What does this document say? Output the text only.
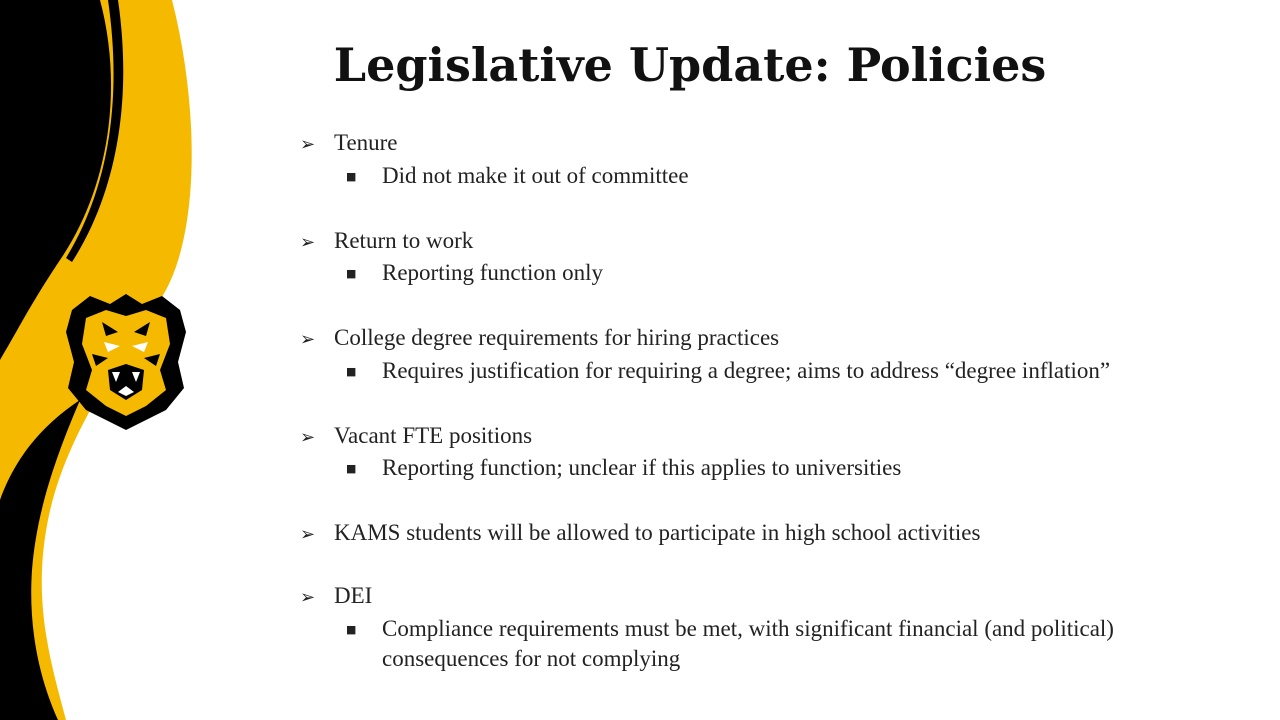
Legislative Update: Policies
➢ Tenure
■	Did not make it out of committee
➢ Return to work
■	Reporting function only
➢ College degree requirements for hiring practices
■	Requires justification for requiring a degree; aims to address “degree inflation”
➢ Vacant FTE positions
■	Reporting function; unclear if this applies to universities
➢ KAMS students will be allowed to participate in high school activities
➢ DEI
■	Compliance requirements must be met, with significant financial (and political) consequences for not complying
